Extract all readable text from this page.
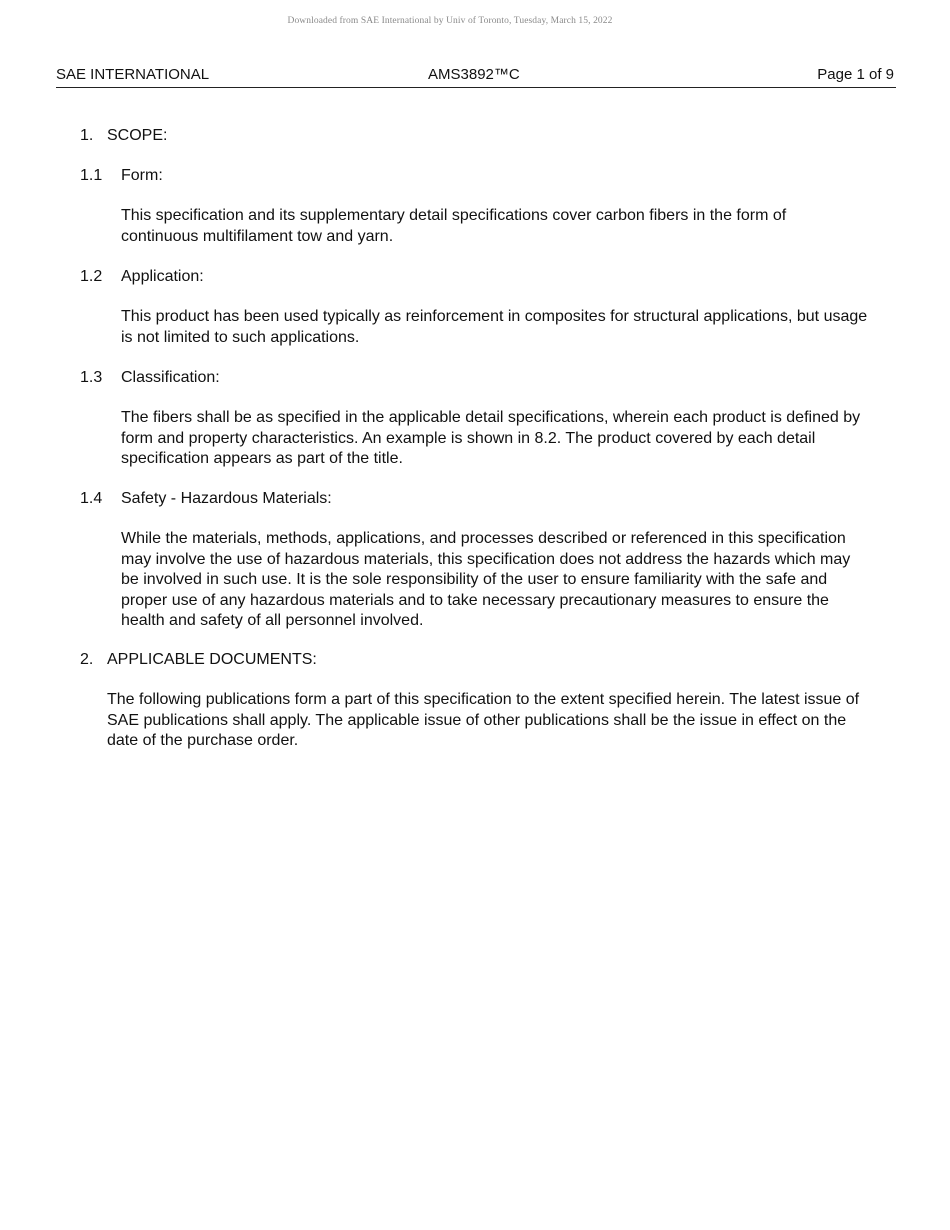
Downloaded from SAE International by Univ of Toronto, Tuesday, March 15, 2022
SAE INTERNATIONAL	AMS3892™C	Page 1 of 9
1. SCOPE:
1.1 Form:
This specification and its supplementary detail specifications cover carbon fibers in the form of continuous multifilament tow and yarn.
1.2 Application:
This product has been used typically as reinforcement in composites for structural applications, but usage is not limited to such applications.
1.3 Classification:
The fibers shall be as specified in the applicable detail specifications, wherein each product is defined by form and property characteristics. An example is shown in 8.2. The product covered by each detail specification appears as part of the title.
1.4 Safety - Hazardous Materials:
While the materials, methods, applications, and processes described or referenced in this specification may involve the use of hazardous materials, this specification does not address the hazards which may be involved in such use. It is the sole responsibility of the user to ensure familiarity with the safe and proper use of any hazardous materials and to take necessary precautionary measures to ensure the health and safety of all personnel involved.
2. APPLICABLE DOCUMENTS:
The following publications form a part of this specification to the extent specified herein. The latest issue of SAE publications shall apply. The applicable issue of other publications shall be the issue in effect on the date of the purchase order.
